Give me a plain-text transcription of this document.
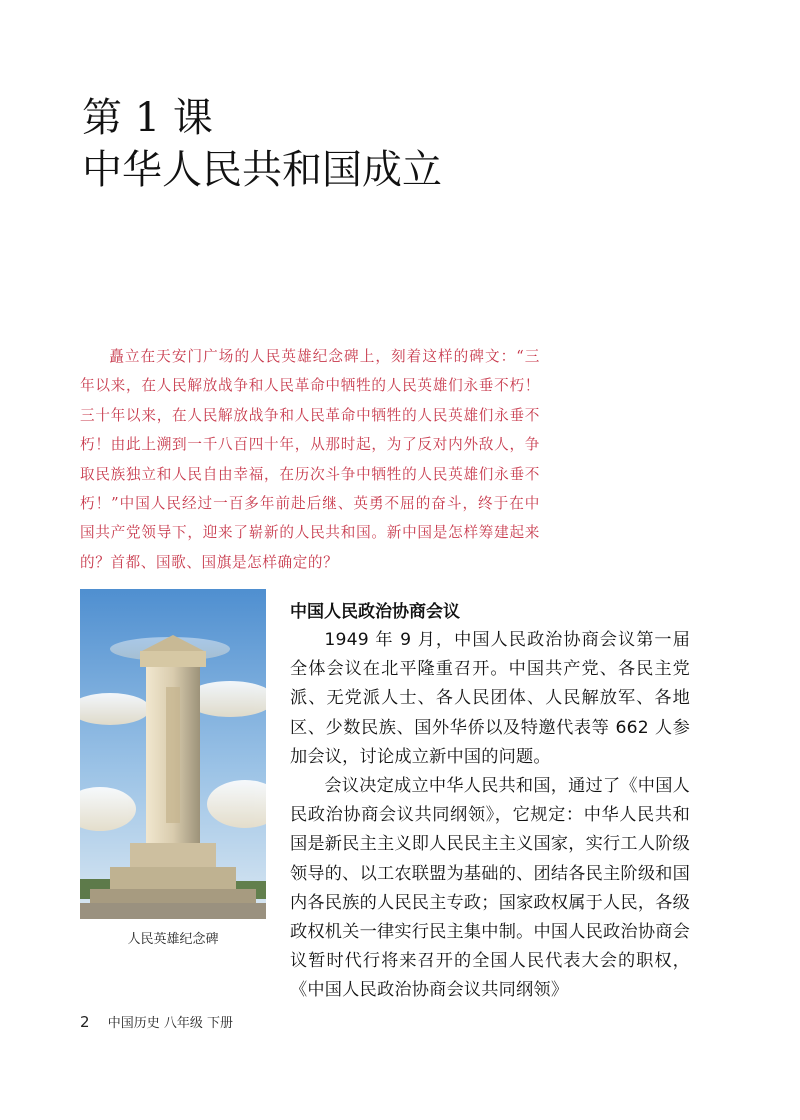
第 1 课
中华人民共和国成立

矗立在天安门广场的人民英雄纪念碑上，刻着这样的碑文：“三年以来，在人民解放战争和人民革命中牺牲的人民英雄们永垂不朽！三十年以来，在人民解放战争和人民革命中牺牲的人民英雄们永垂不朽！由此上溯到一千八百四十年，从那时起，为了反对内外敌人，争取民族独立和人民自由幸福，在历次斗争中牺牲的人民英雄们永垂不朽！”中国人民经过一百多年前赴后继、英勇不屈的奋斗，终于在中国共产党领导下，迎来了崭新的人民共和国。新中国是怎样筹建起来的？首都、国歌、国旗是怎样确定的？

人民英雄纪念碑
中国人民政治协商会议

1949 年 9 月，中国人民政治协商会议第一届全体会议在北平隆重召开。中国共产党、各民主党派、无党派人士、各人民团体、人民解放军、各地区、少数民族、国外华侨以及特邀代表等 662 人参加会议，讨论成立新中国的问题。

会议决定成立中华人民共和国，通过了《中国人民政治协商会议共同纲领》，它规定：中华人民共和国是新民主主义即人民民主主义国家，实行工人阶级领导的、以工农联盟为基础的、团结各民主阶级和国内各民族的人民民主专政；国家政权属于人民，各级政权机关一律实行民主集中制。中国人民政治协商会议暂时代行将来召开的全国人民代表大会的职权，《中国人民政治协商会议共同纲领》

2 中国历史 八年级 下册
